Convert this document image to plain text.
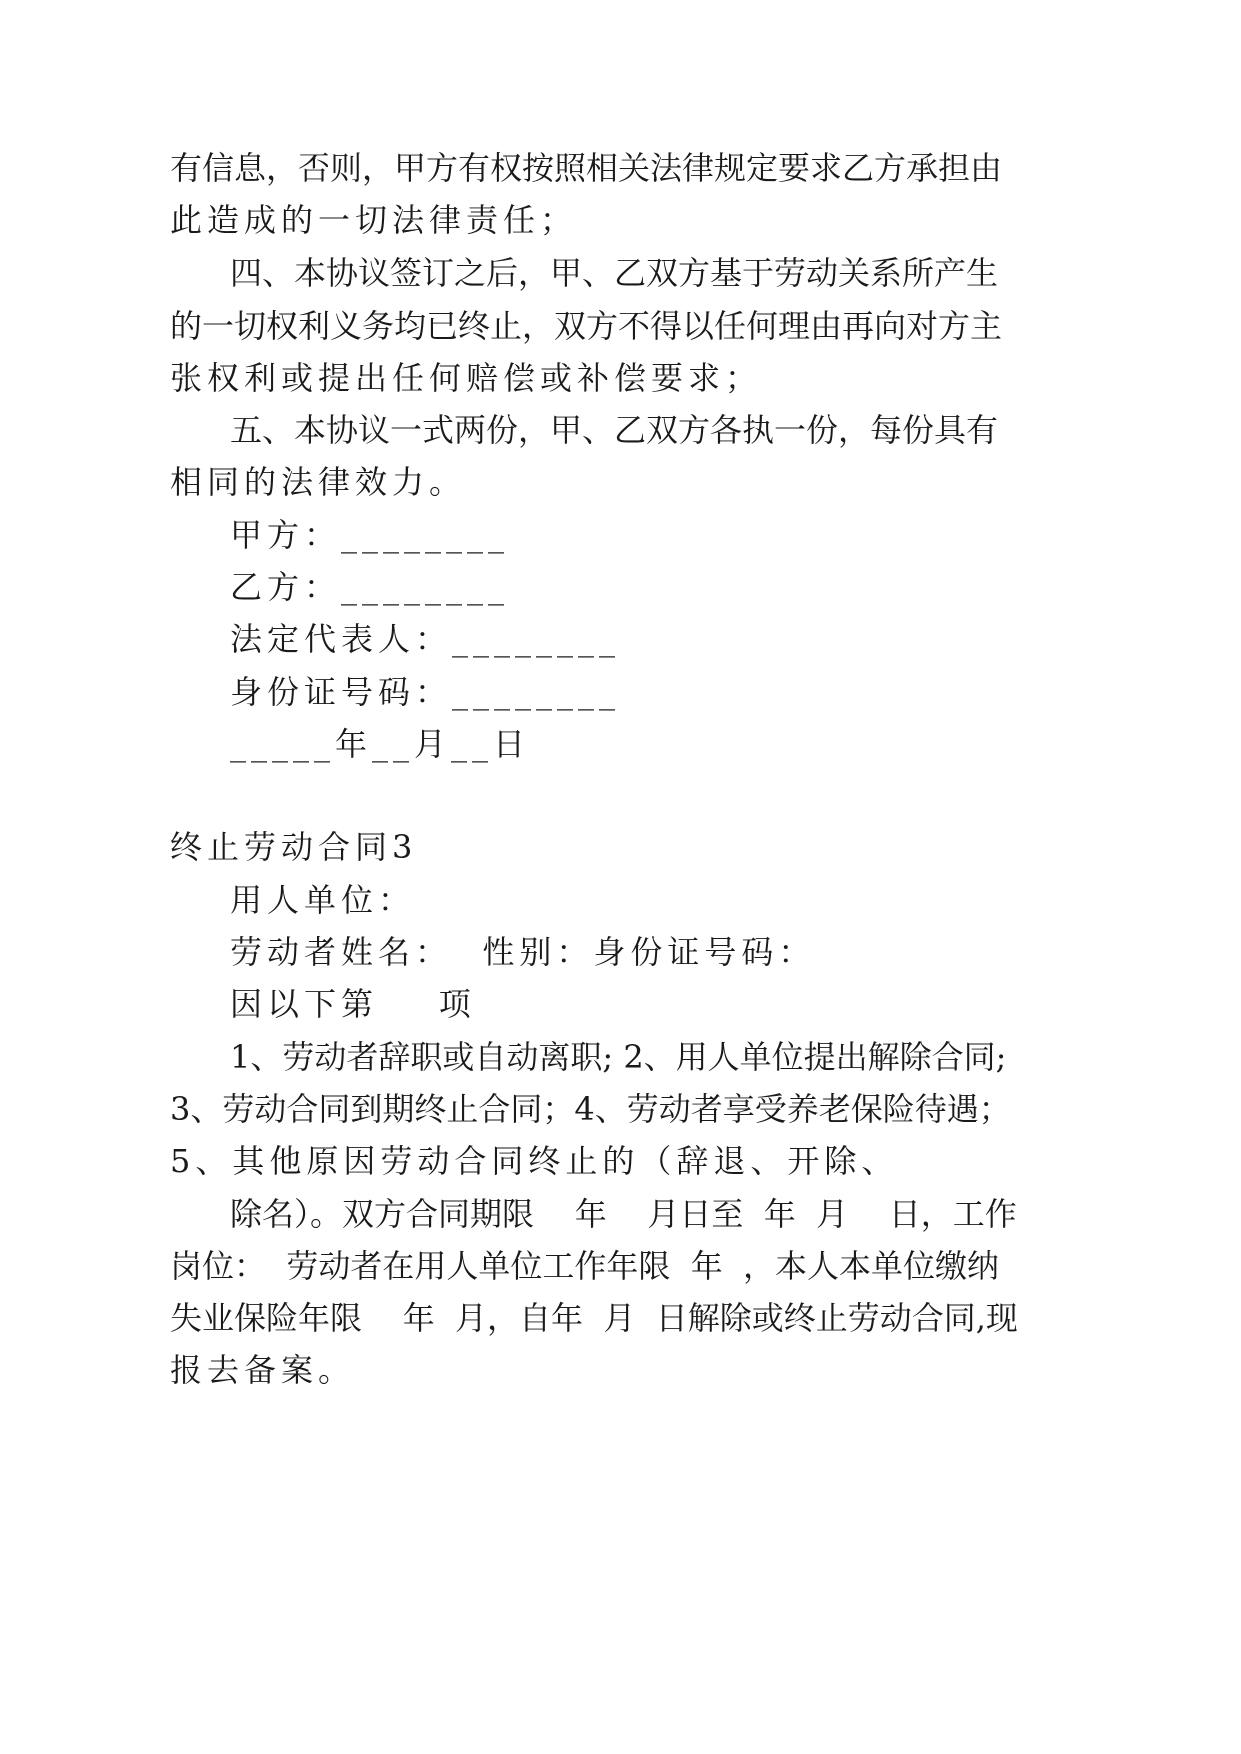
有信息，否则，甲方有权按照相关法律规定要求乙方承担由
此造成的一切法律责任；
四、本协议签订之后，甲、乙双方基于劳动关系所产生
的一切权利义务均已终止，双方不得以任何理由再向对方主
张权利或提出任何赔偿或补偿要求；
五、本协议一式两份，甲、乙双方各执一份，每份具有
相同的法律效力。
甲方：________
乙方：________
法定代表人：________
身份证号码：________
_____年__月__日
终止劳动合同3
用人单位：
劳动者姓名：  性别：身份证号码：
因以下第    项
1、劳动者辞职或自动离职; 2、用人单位提出解除合同;
3、劳动合同到期终止合同；4、劳动者享受养老保险待遇；
5、其他原因劳动合同终止的（辞退、开除、
除名）。双方合同期限    年    月日至  年  月    日，工作
岗位：  劳动者在用人单位工作年限  年  ，本人本单位缴纳
失业保险年限    年  月，自年  月  日解除或终止劳动合同,现
报去备案。
